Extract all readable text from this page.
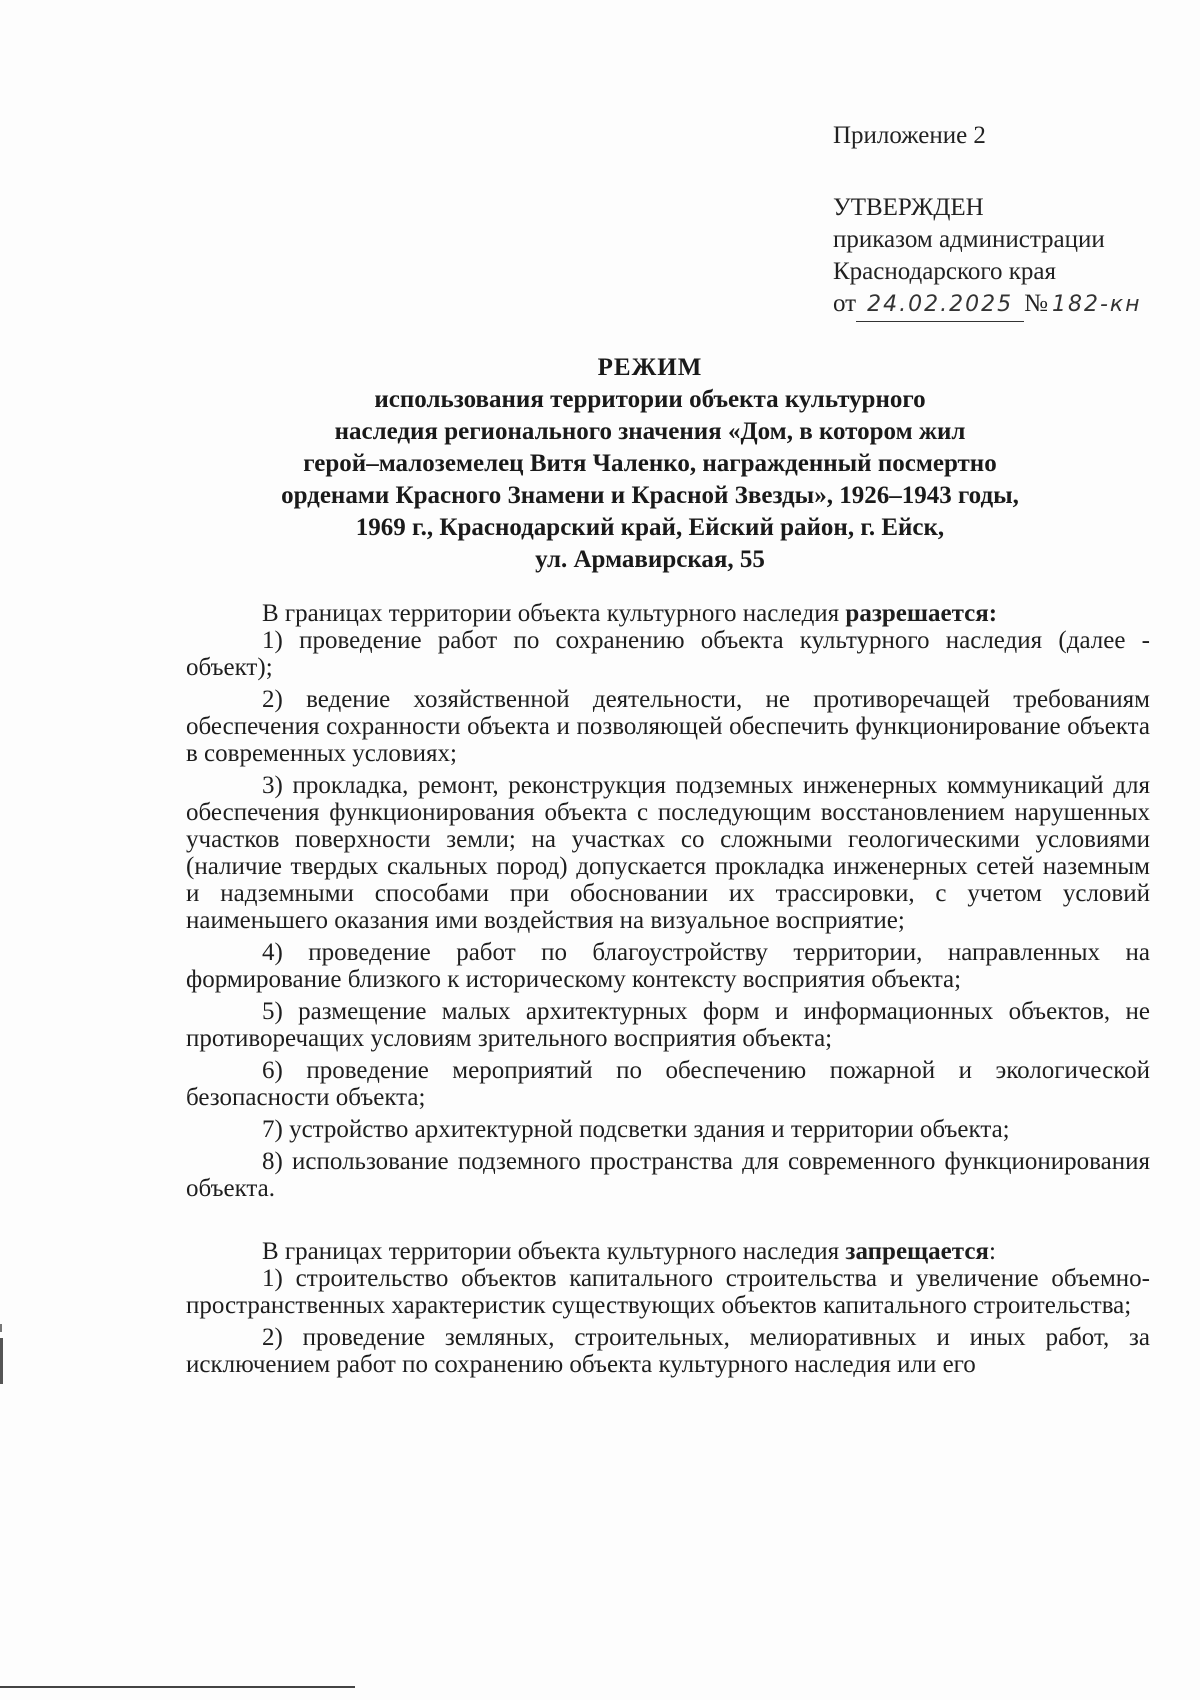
Приложение 2
УТВЕРЖДЕН
приказом администрации
Краснодарского края
от 24.02.2025 № 182-кн
РЕЖИМ
использования территории объекта культурного
наследия регионального значения «Дом, в котором жил
герой–малоземелец Витя Чаленко, награжденный посмертно
орденами Красного Знамени и Красной Звезды», 1926–1943 годы,
1969 г., Краснодарский край, Ейский район, г. Ейск,
ул. Армавирская, 55

В границах территории объекта культурного наследия разрешается:

1) проведение работ по сохранению объекта культурного наследия (далее - объект);

2) ведение хозяйственной деятельности, не противоречащей требованиям обеспечения сохранности объекта и позволяющей обеспечить функционирование объекта в современных условиях;

3) прокладка, ремонт, реконструкция подземных инженерных коммуникаций для обеспечения функционирования объекта с последующим восстановлением нарушенных участков поверхности земли; на участках со сложными геологическими условиями (наличие твердых скальных пород) допускается прокладка инженерных сетей наземным и надземными способами при обосновании их трассировки, с учетом условий наименьшего оказания ими воздействия на визуальное восприятие;

4) проведение работ по благоустройству территории, направленных на формирование близкого к историческому контексту восприятия объекта;

5) размещение малых архитектурных форм и информационных объектов, не противоречащих условиям зрительного восприятия объекта;

6) проведение мероприятий по обеспечению пожарной и экологической безопасности объекта;

7) устройство архитектурной подсветки здания и территории объекта;

8) использование подземного пространства для современного функционирования объекта.

В границах территории объекта культурного наследия запрещается:

1) строительство объектов капитального строительства и увеличение объемно-пространственных характеристик существующих объектов капитального строительства;

2) проведение земляных, строительных, мелиоративных и иных работ, за исключением работ по сохранению объекта культурного наследия или его
